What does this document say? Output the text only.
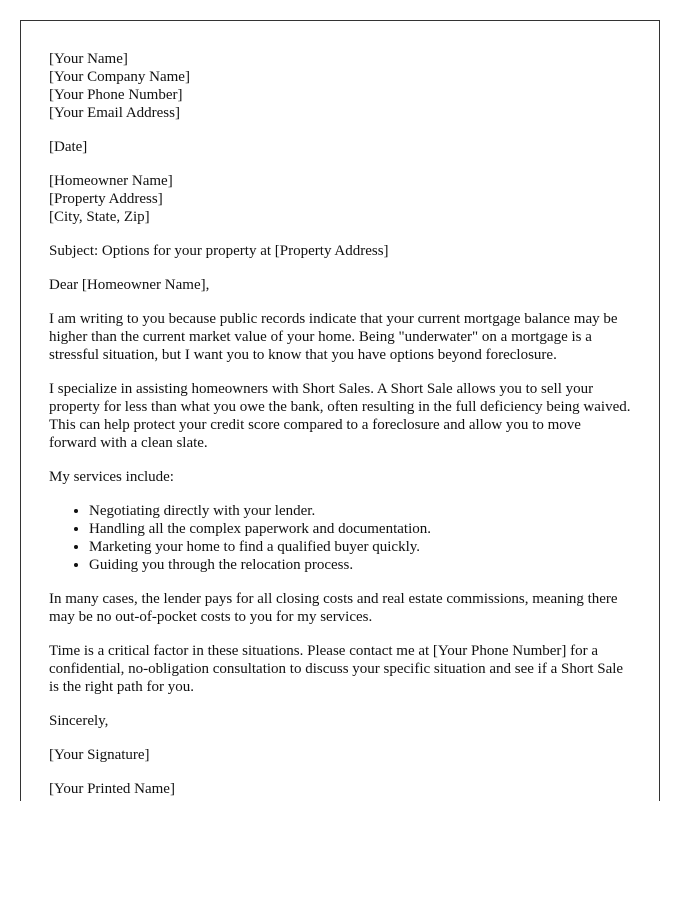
[Your Name]
[Your Company Name]
[Your Phone Number]
[Your Email Address]

[Date]

[Homeowner Name]
[Property Address]
[City, State, Zip]

Subject: Options for your property at [Property Address]

Dear [Homeowner Name],

I am writing to you because public records indicate that your current mortgage balance may be higher than the current market value of your home. Being "underwater" on a mortgage is a stressful situation, but I want you to know that you have options beyond foreclosure.

I specialize in assisting homeowners with Short Sales. A Short Sale allows you to sell your property for less than what you owe the bank, often resulting in the full deficiency being waived. This can help protect your credit score compared to a foreclosure and allow you to move forward with a clean slate.

My services include:

• Negotiating directly with your lender.
• Handling all the complex paperwork and documentation.
• Marketing your home to find a qualified buyer quickly.
• Guiding you through the relocation process.

In many cases, the lender pays for all closing costs and real estate commissions, meaning there may be no out-of-pocket costs to you for my services.

Time is a critical factor in these situations. Please contact me at [Your Phone Number] for a confidential, no-obligation consultation to discuss your specific situation and see if a Short Sale is the right path for you.

Sincerely,

[Your Signature]

[Your Printed Name]
